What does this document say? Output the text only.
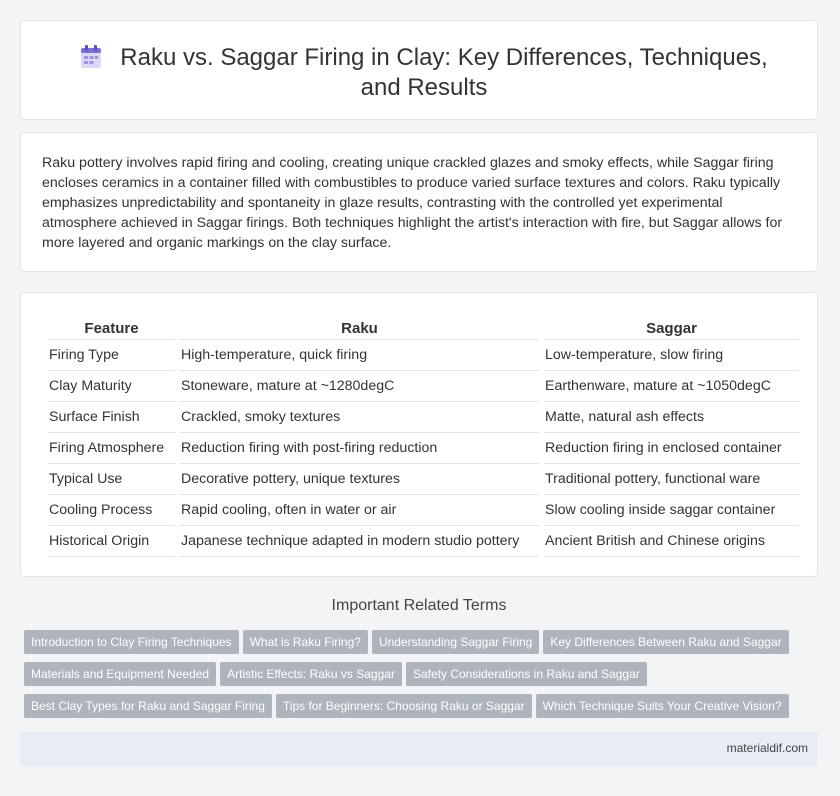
Raku vs. Saggar Firing in Clay: Key Differences, Techniques, and Results

Raku pottery involves rapid firing and cooling, creating unique crackled glazes and smoky effects, while Saggar firing encloses ceramics in a container filled with combustibles to produce varied surface textures and colors. Raku typically emphasizes unpredictability and spontaneity in glaze results, contrasting with the controlled yet experimental atmosphere achieved in Saggar firings. Both techniques highlight the artist's interaction with fire, but Saggar allows for more layered and organic markings on the clay surface.

Feature	Raku	Saggar
Firing Type	High-temperature, quick firing	Low-temperature, slow firing
Clay Maturity	Stoneware, mature at ~1280degC	Earthenware, mature at ~1050degC
Surface Finish	Crackled, smoky textures	Matte, natural ash effects
Firing Atmosphere	Reduction firing with post-firing reduction	Reduction firing in enclosed container
Typical Use	Decorative pottery, unique textures	Traditional pottery, functional ware
Cooling Process	Rapid cooling, often in water or air	Slow cooling inside saggar container
Historical Origin	Japanese technique adapted in modern studio pottery	Ancient British and Chinese origins
Important Related Terms
Introduction to Clay Firing Techniques What is Raku Firing? Understanding Saggar Firing Key Differences Between Raku and Saggar
Materials and Equipment Needed Artistic Effects: Raku vs Saggar Safety Considerations in Raku and Saggar
Best Clay Types for Raku and Saggar Firing Tips for Beginners: Choosing Raku or Saggar Which Technique Suits Your Creative Vision?
materialdif.com
